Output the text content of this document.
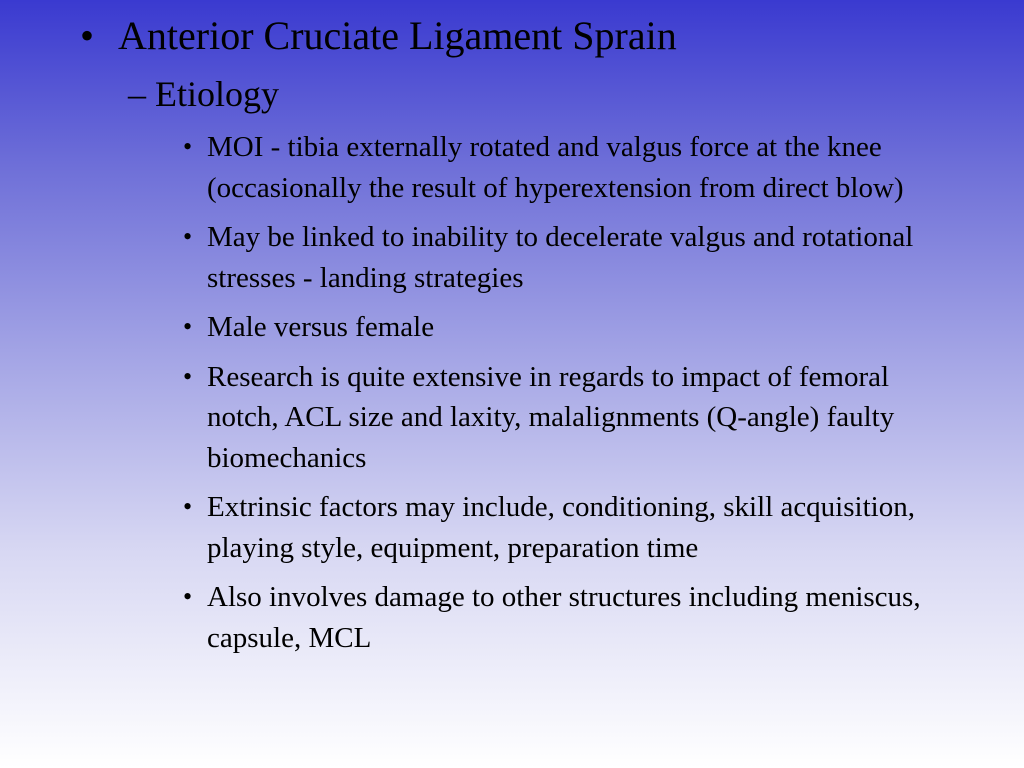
• Anterior Cruciate Ligament Sprain
– Etiology
• MOI - tibia externally rotated and valgus force at the knee (occasionally the result of hyperextension from direct blow)
• May be linked to inability to decelerate valgus and rotational stresses - landing strategies
• Male versus female
• Research is quite extensive in regards to impact of femoral notch, ACL size and laxity, malalignments (Q-angle) faulty biomechanics
• Extrinsic factors may include, conditioning, skill acquisition, playing style, equipment, preparation time
• Also involves damage to other structures including meniscus, capsule, MCL
